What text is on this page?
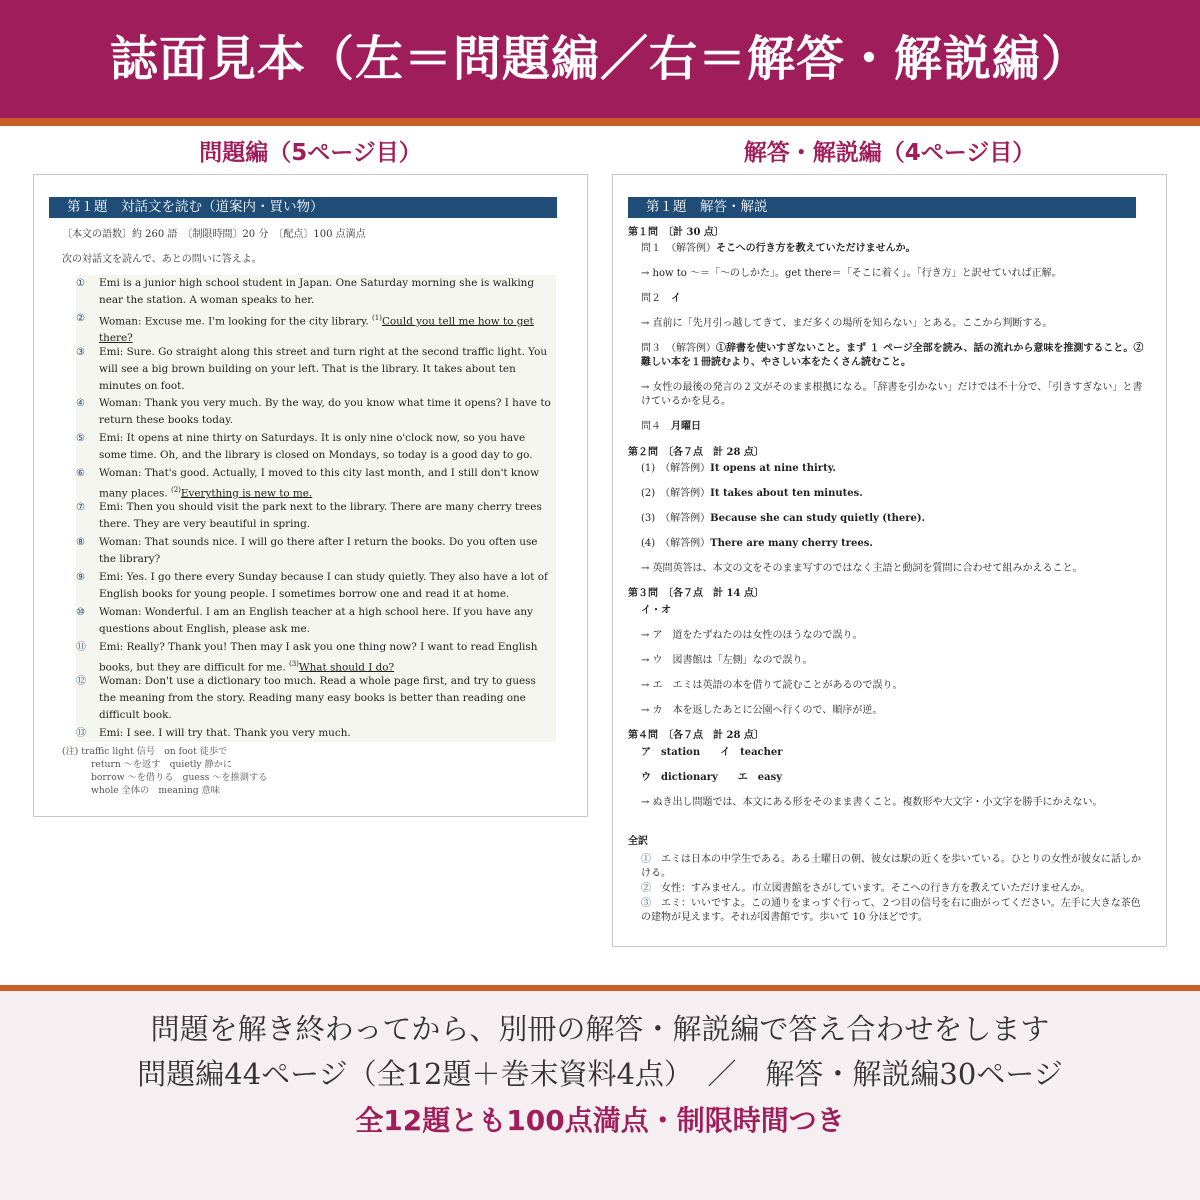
誌面見本（左＝問題編／右＝解答・解説編）
問題編（5ページ目）	解答・解説編（4ページ目）
第１題　対話文を読む（道案内・買い物）
〔本文の語数〕約 260 語　〔制限時間〕20 分　〔配点〕100 点満点
次の対話文を読んで、あとの問いに答えよ。
①	Emi is a junior high school student in Japan. One Saturday morning she is walking near the station. A woman speaks to her.
②	Woman: Excuse me. I'm looking for the city library. $^{(1)}$Could you tell me how to get there?
③	Emi: Sure. Go straight along this street and turn right at the second traffic light. You will see a big brown building on your left. That is the library. It takes about ten minutes on foot.
④	Woman: Thank you very much. By the way, do you know what time it opens? I have to return these books today.
⑤	Emi: It opens at nine thirty on Saturdays. It is only nine o'clock now, so you have some time. Oh, and the library is closed on Mondays, so today is a good day to go.
⑥	Woman: That's good. Actually, I moved to this city last month, and I still don't know many places. $^{(2)}$Everything is new to me.
⑦	Emi: Then you should visit the park next to the library. There are many cherry trees there. They are very beautiful in spring.
⑧	Woman: That sounds nice. I will go there after I return the books. Do you often use the library?
⑨	Emi: Yes. I go there every Sunday because I can study quietly. They also have a lot of English books for young people. I sometimes borrow one and read it at home.
⑩	Woman: Wonderful. I am an English teacher at a high school here. If you have any questions about English, please ask me.
⑪	Emi: Really? Thank you! Then may I ask you one thing now? I want to read English books, but they are difficult for me. $^{(3)}$What should I do?
⑫	Woman: Don't use a dictionary too much. Read a whole page first, and try to guess the meaning from the story. Reading many easy books is better than reading one difficult book.
⑬	Emi: I see. I will try that. Thank you very much.
(注) traffic light 信号　on foot 徒歩で
return ～を返す　quietly 静かに
borrow ～を借りる　guess ～を推測する
whole 全体の　meaning 意味
第１題　解答・解説
第１問　〔計 30 点〕
問１　（解答例）そこへの行き方を教えていただけませんか。
→ how to ～＝「～のしかた」。get there＝「そこに着く」。「行き方」と訳せていれば正解。
問２　イ
→ 直前に「先月引っ越してきて、まだ多くの場所を知らない」とある。ここから判断する。
問３　（解答例）①辞書を使いすぎないこと。まず １ ページ全部を読み、話の流れから意味を推測すること。②難しい本を１冊読むより、やさしい本をたくさん読むこと。
→ 女性の最後の発言の２文がそのまま根拠になる。「辞書を引かない」だけでは不十分で、「引きすぎない」と書けているかを見る。
問４　月曜日
第２問　〔各７点　計 28 点〕
(1)　（解答例）It opens at nine thirty.
(2)　（解答例）It takes about ten minutes.
(3)　（解答例）Because she can study quietly (there).
(4)　（解答例）There are many cherry trees.
→ 英問英答は、本文の文をそのまま写すのではなく主語と動詞を質問に合わせて組みかえること。
第３問　〔各７点　計 14 点〕
イ・オ
→ ア　道をたずねたのは女性のほうなので誤り。
→ ウ　図書館は「左側」なので誤り。
→ エ　エミは英語の本を借りて読むことがあるので誤り。
→ カ　本を返したあとに公園へ行くので、順序が逆。
第４問　〔各７点　計 28 点〕
ア　station　　イ　teacher
ウ　dictionary　　エ　easy
→ ぬき出し問題では、本文にある形をそのまま書くこと。複数形や大文字・小文字を勝手にかえない。
全訳
①　 エミは日本の中学生である。ある土曜日の朝、彼女は駅の近くを歩いている。ひとりの女性が彼女に話しかける。
②　 女性：すみません。市立図書館をさがしています。そこへの行き方を教えていただけませんか。
③　 エミ：いいですよ。この通りをまっすぐ行って、２つ目の信号を右に曲がってください。左手に大きな茶色の建物が見えます。それが図書館です。歩いて 10 分ほどです。
問題を解き終わってから、別冊の解答・解説編で答え合わせをします
問題編44ページ（全12題＋巻末資料4点）　／　解答・解説編30ページ
全12題とも100点満点・制限時間つき
